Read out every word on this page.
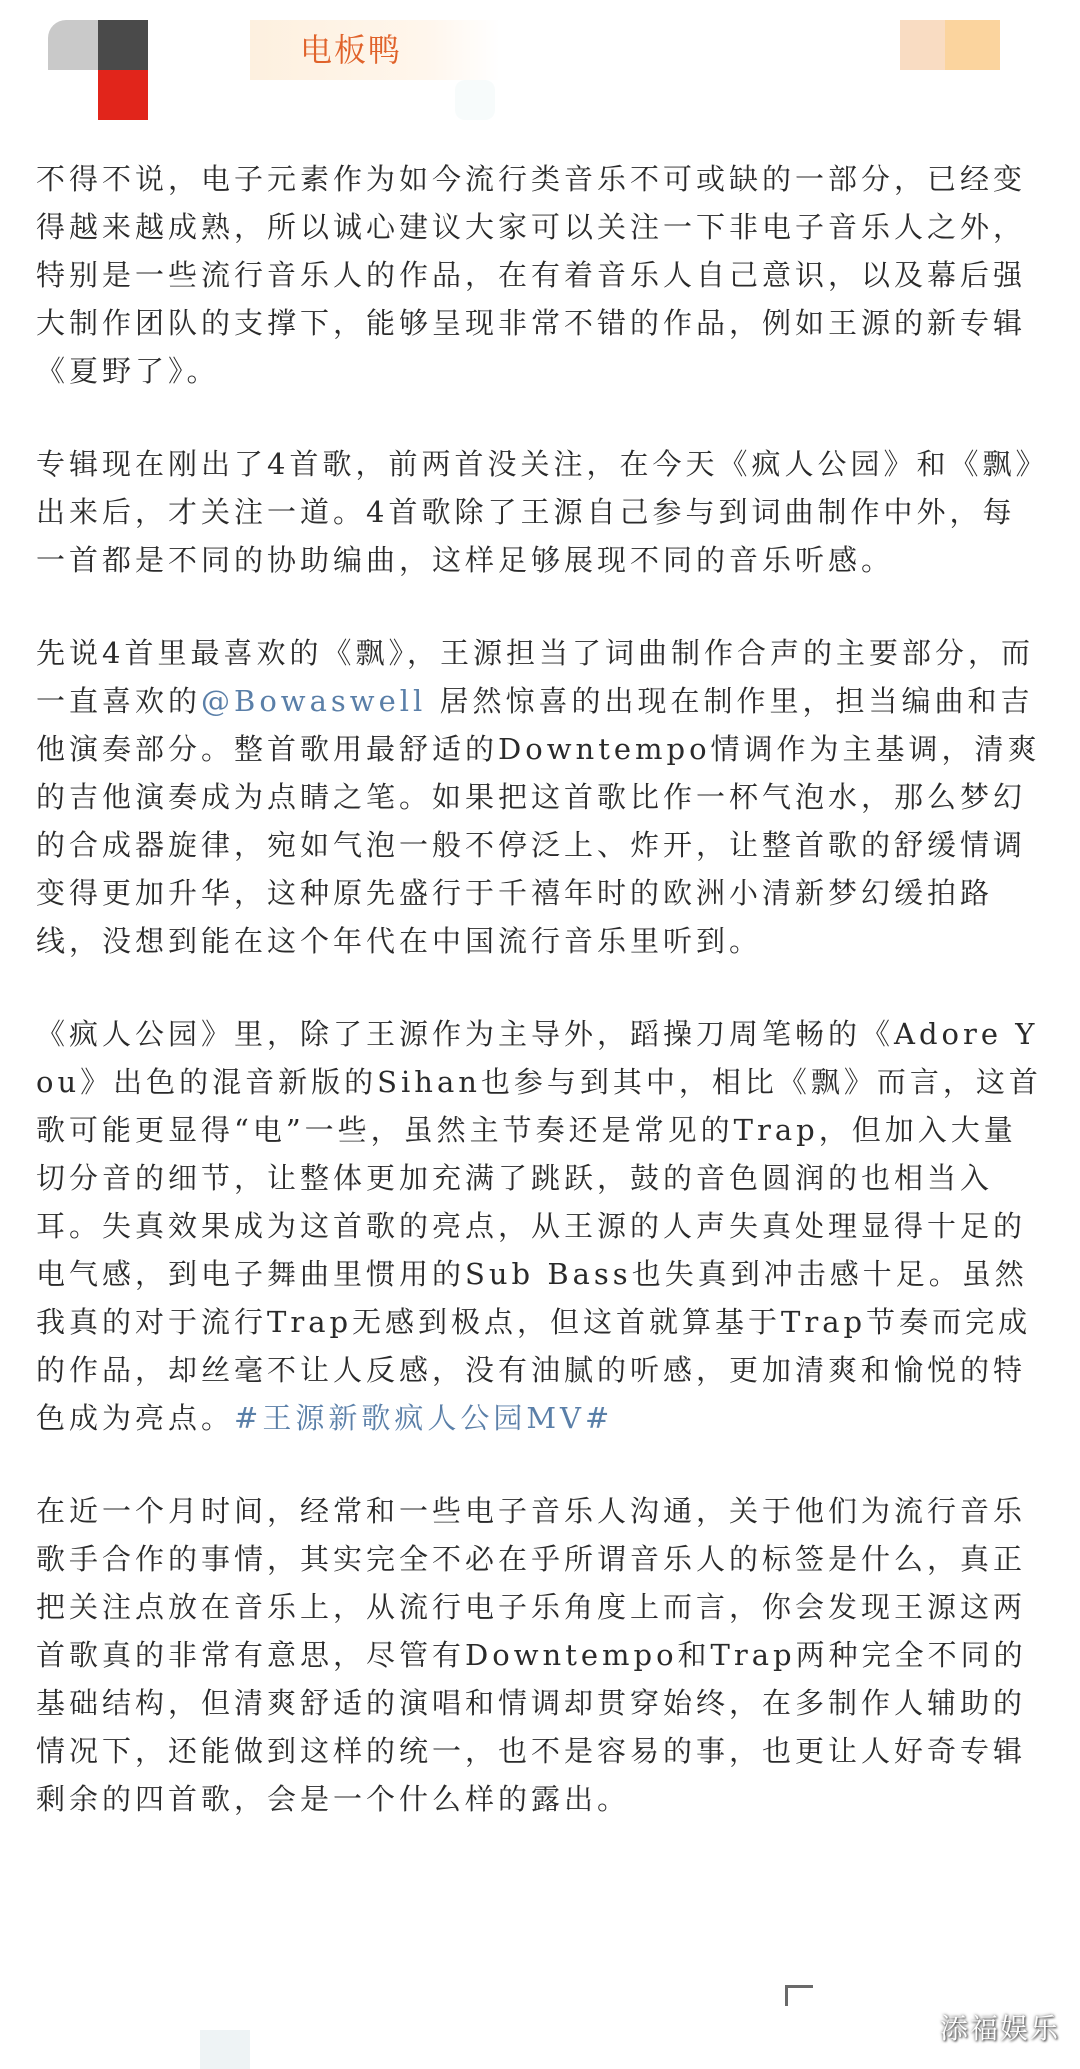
电板鸭

不得不说，电子元素作为如今流行类音乐不可或缺的一部分，已经变得越来越成熟，所以诚心建议大家可以关注一下非电子音乐人之外，特别是一些流行音乐人的作品，在有着音乐人自己意识，以及幕后强大制作团队的支撑下，能够呈现非常不错的作品，例如王源的新专辑《夏野了》。

专辑现在刚出了4首歌，前两首没关注，在今天《疯人公园》和《飘》出来后，才关注一道。4首歌除了王源自己参与到词曲制作中外，每一首都是不同的协助编曲，这样足够展现不同的音乐听感。

先说4首里最喜欢的《飘》，王源担当了词曲制作合声的主要部分，而一直喜欢的@Bowaswell 居然惊喜的出现在制作里，担当编曲和吉他演奏部分。整首歌用最舒适的Downtempo情调作为主基调，清爽的吉他演奏成为点睛之笔。如果把这首歌比作一杯气泡水，那么梦幻的合成器旋律，宛如气泡一般不停泛上、炸开，让整首歌的舒缓情调变得更加升华，这种原先盛行于千禧年时的欧洲小清新梦幻缓拍路线，没想到能在这个年代在中国流行音乐里听到。

《疯人公园》里，除了王源作为主导外，蹈操刀周笔畅的《Adore You》出色的混音新版的Sihan也参与到其中，相比《飘》而言，这首歌可能更显得“电”一些，虽然主节奏还是常见的Trap，但加入大量切分音的细节，让整体更加充满了跳跃，鼓的音色圆润的也相当入耳。失真效果成为这首歌的亮点，从王源的人声失真处理显得十足的电气感，到电子舞曲里惯用的Sub Bass也失真到冲击感十足。虽然我真的对于流行Trap无感到极点，但这首就算基于Trap节奏而完成的作品，却丝毫不让人反感，没有油腻的听感，更加清爽和愉悦的特色成为亮点。#王源新歌疯人公园MV#

在近一个月时间，经常和一些电子音乐人沟通，关于他们为流行音乐歌手合作的事情，其实完全不必在乎所谓音乐人的标签是什么，真正把关注点放在音乐上，从流行电子乐角度上而言，你会发现王源这两首歌真的非常有意思，尽管有Downtempo和Trap两种完全不同的基础结构，但清爽舒适的演唱和情调却贯穿始终，在多制作人辅助的情况下，还能做到这样的统一，也不是容易的事，也更让人好奇专辑剩余的四首歌，会是一个什么样的露出。

添福娱乐
